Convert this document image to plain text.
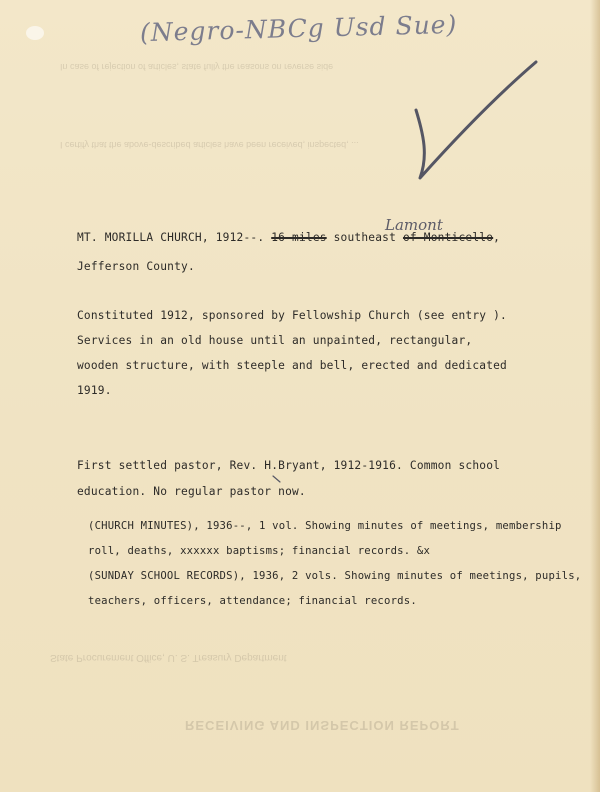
RECEIVING AND INSPECTION REPORT
State Procurement Office, U. S. Treasury Department
I certify that the above-described articles have been received, inspected, ...
In case of rejection of articles, state fully the reasons on reverse side
(Negro-NBCg Usd Sue)
MT. MORILLA CHURCH, 1912--. 16 miles southeast of Monticello,
Lamont
Jefferson County.
Constituted 1912, sponsored by Fellowship Church (see entry ).
Services in an old house until an unpainted, rectangular,
wooden structure, with steeple and bell, erected and dedicated
1919.
First settled pastor, Rev. H.Bryant, 1912-1916. Common school
education. No regular pastor now.
(CHURCH MINUTES), 1936--, 1 vol. Showing minutes of meetings, membership
roll, deaths, xxxxxx baptisms; financial records. &x
(SUNDAY SCHOOL RECORDS), 1936, 2 vols. Showing minutes of meetings, pupils,
teachers, officers, attendance; financial records.
